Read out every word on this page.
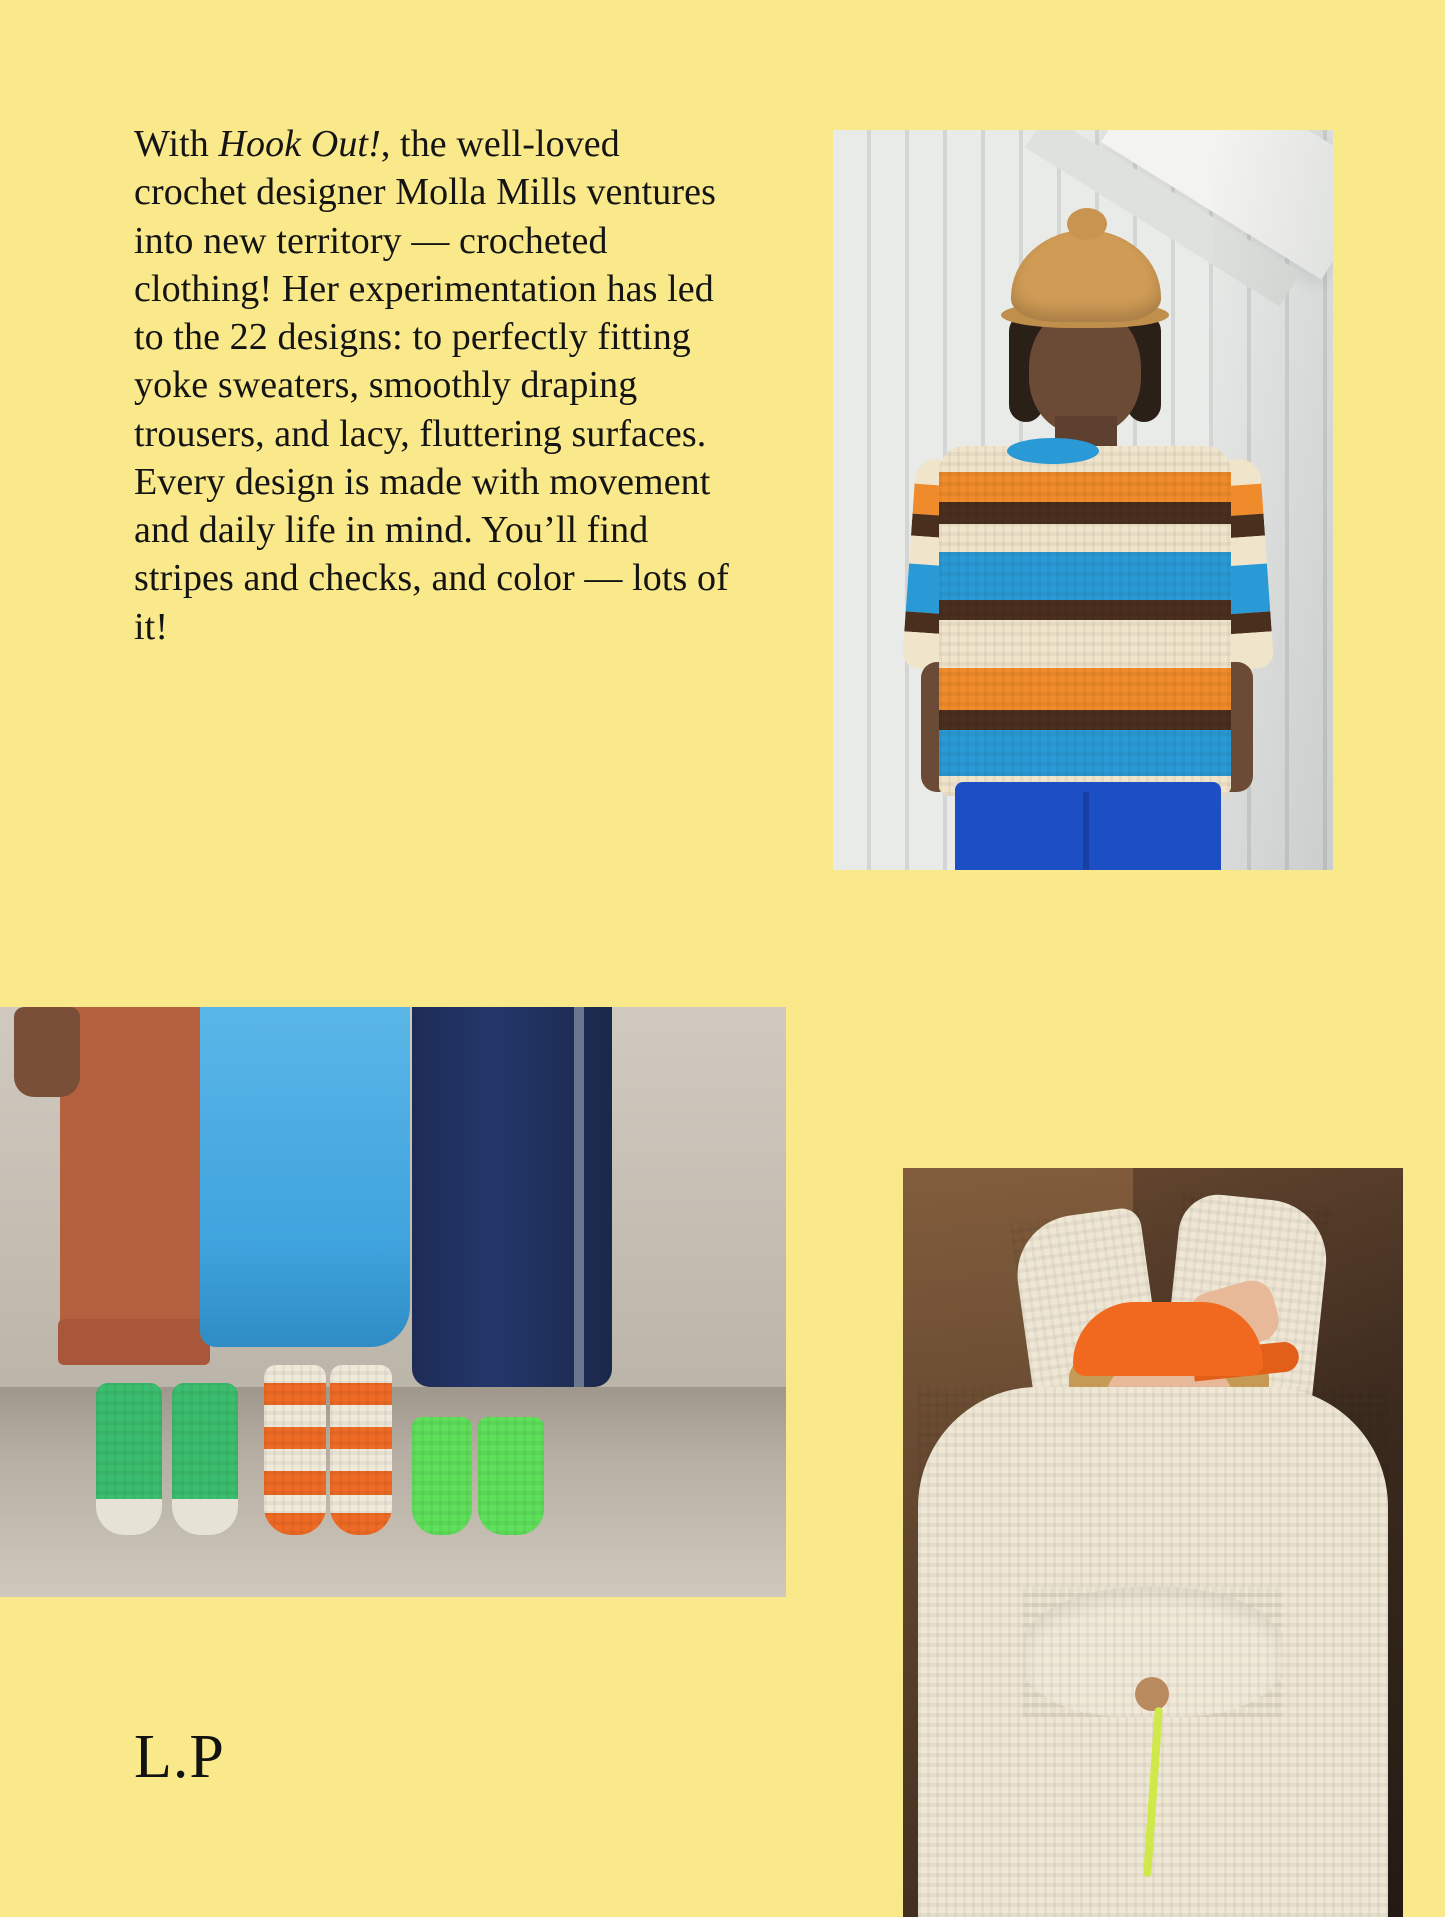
With Hook Out!, the well-loved crochet designer Molla Mills ventures into new territory — crocheted clothing! Her experimentation has led to the 22 designs: to perfectly fitting yoke sweaters, smoothly draping trousers, and lacy, fluttering surfaces. Every design is made with movement and daily life in mind. You’ll find stripes and checks, and color — lots of it!
L.P
